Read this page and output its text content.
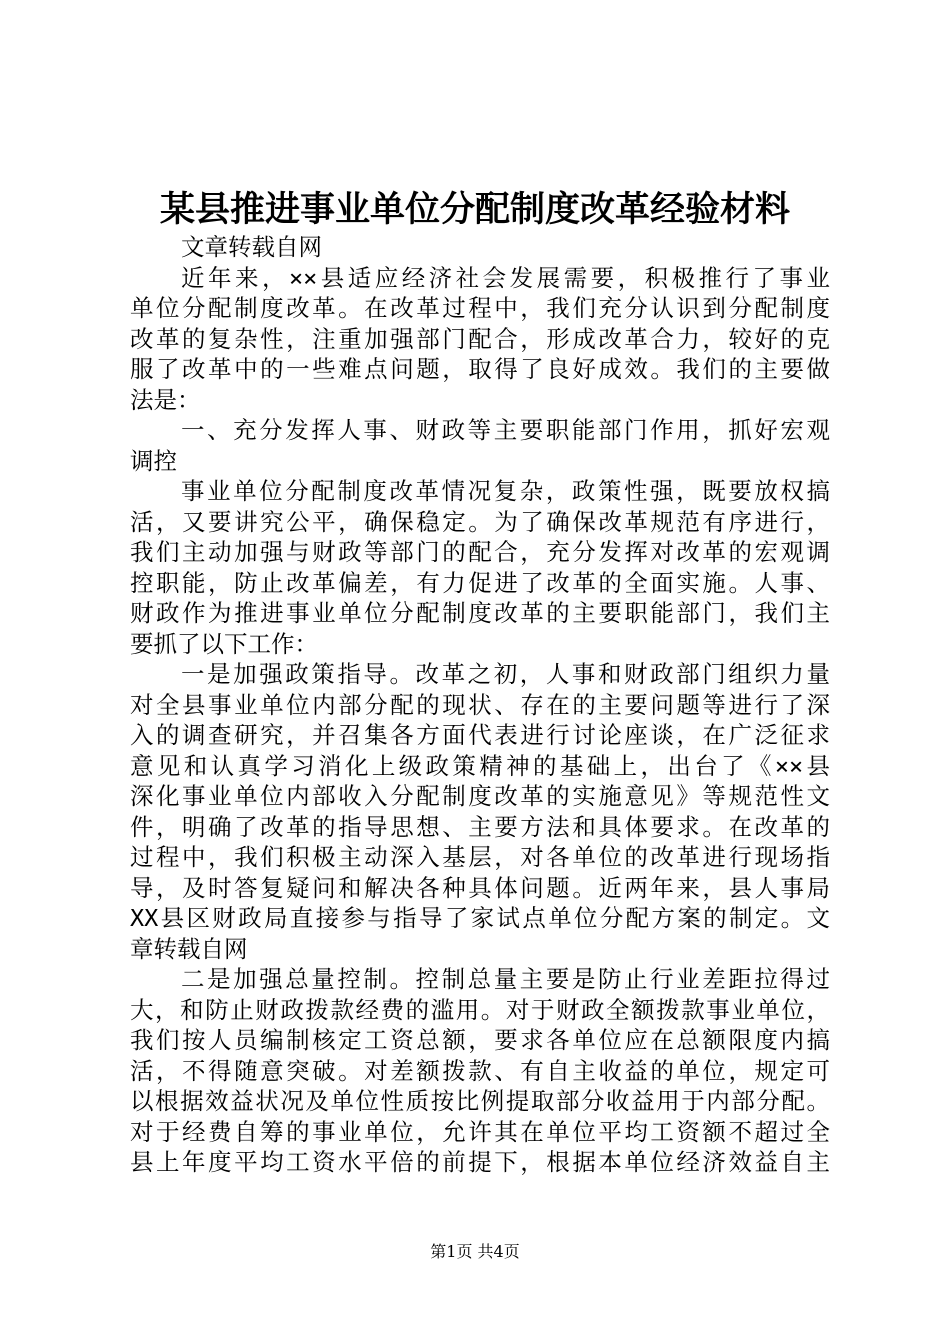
某县推进事业单位分配制度改革经验材料
文章转载自网
近年来，××县适应经济社会发展需要，积极推行了事业
单位分配制度改革。在改革过程中，我们充分认识到分配制度
改革的复杂性，注重加强部门配合，形成改革合力，较好的克
服了改革中的一些难点问题，取得了良好成效。我们的主要做
法是：
一、充分发挥人事、财政等主要职能部门作用，抓好宏观
调控
事业单位分配制度改革情况复杂，政策性强，既要放权搞
活，又要讲究公平，确保稳定。为了确保改革规范有序进行，
我们主动加强与财政等部门的配合，充分发挥对改革的宏观调
控职能，防止改革偏差，有力促进了改革的全面实施。人事、
财政作为推进事业单位分配制度改革的主要职能部门，我们主
要抓了以下工作：
一是加强政策指导。改革之初，人事和财政部门组织力量
对全县事业单位内部分配的现状、存在的主要问题等进行了深
入的调查研究，并召集各方面代表进行讨论座谈，在广泛征求
意见和认真学习消化上级政策精神的基础上，出台了《××县
深化事业单位内部收入分配制度改革的实施意见》等规范性文
件，明确了改革的指导思想、主要方法和具体要求。在改革的
过程中，我们积极主动深入基层，对各单位的改革进行现场指
导，及时答复疑问和解决各种具体问题。近两年来，县人事局
XX县区财政局直接参与指导了家试点单位分配方案的制定。文
章转载自网
二是加强总量控制。控制总量主要是防止行业差距拉得过
大，和防止财政拨款经费的滥用。对于财政全额拨款事业单位，
我们按人员编制核定工资总额，要求各单位应在总额限度内搞
活，不得随意突破。对差额拨款、有自主收益的单位，规定可
以根据效益状况及单位性质按比例提取部分收益用于内部分配。
对于经费自筹的事业单位，允许其在单位平均工资额不超过全
县上年度平均工资水平倍的前提下，根据本单位经济效益自主
第1页 共4页
